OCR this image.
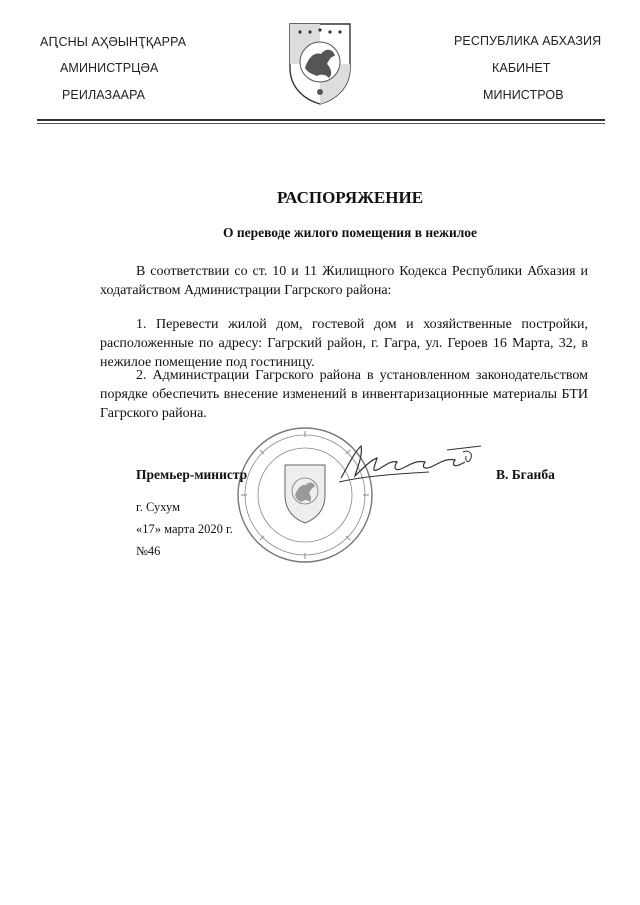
АԤСНЫ АҲӘЫНҬҚАРРА
АМИНИСТРЦӘА
РЕИЛАЗААРА
РЕСПУБЛИКА АБХАЗИЯ
КАБИНЕТ
МИНИСТРОВ
РАСПОРЯЖЕНИЕ
О переводе жилого помещения в нежилое

В соответствии со ст. 10 и 11 Жилищного Кодекса Республики Абхазия и ходатайством Администрации Гагрского района:

1. Перевести жилой дом, гостевой дом и хозяйственные постройки, расположенные по адресу: Гагрский район, г. Гагра, ул. Героев 16 Марта, 32, в нежилое помещение под гостиницу.

2. Администрации Гагрского района в установленном законодательством порядке обеспечить внесение изменений в инвентаризационные материалы БТИ Гагрского района.

Премьер-министр	В. Бганба
г. Сухум
«17» марта 2020 г.
№46
